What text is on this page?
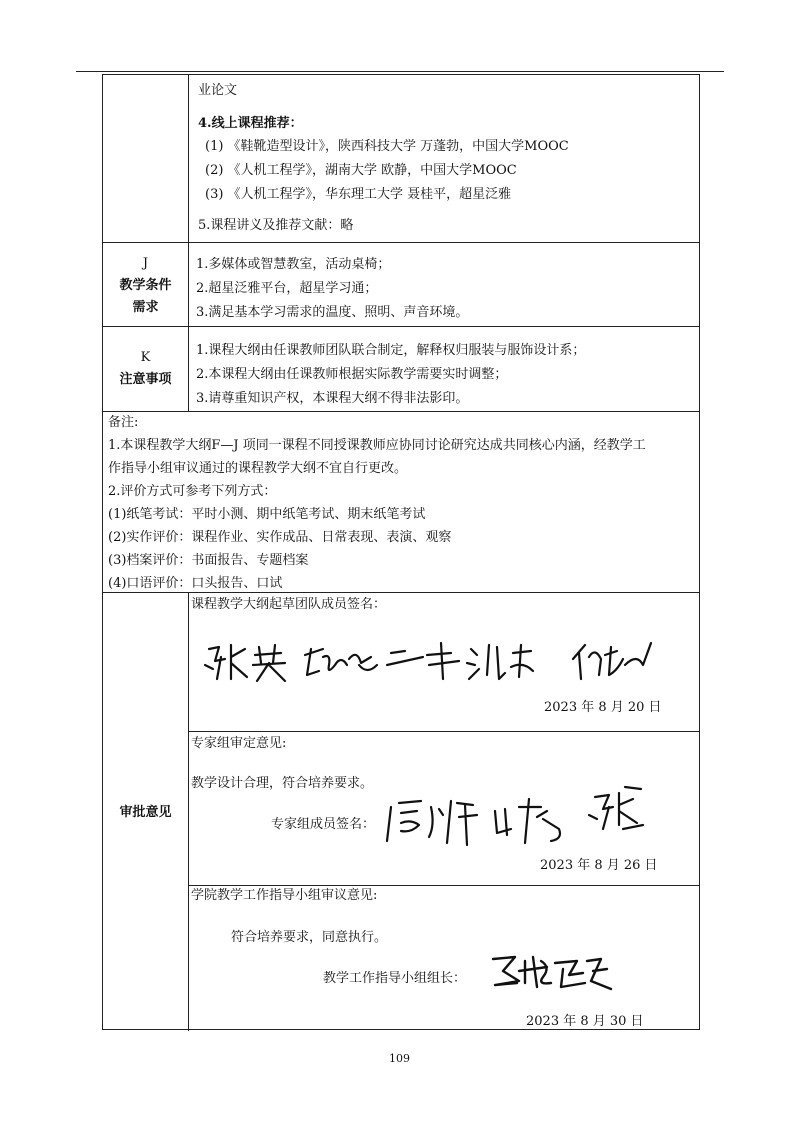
业论文
4.线上课程推荐：
(1) 《鞋靴造型设计》，陕西科技大学 万蓬勃，中国大学MOOC
(2) 《人机工程学》，湖南大学 欧静，中国大学MOOC
(3) 《人机工程学》，华东理工大学 聂桂平，超星泛雅
5.课程讲义及推荐文献：略
J
教学条件
需求
1.多媒体或智慧教室，活动桌椅；
2.超星泛雅平台，超星学习通；
3.满足基本学习需求的温度、照明、声音环境。
K
注意事项
1.课程大纲由任课教师团队联合制定，解释权归服装与服饰设计系；
2.本课程大纲由任课教师根据实际教学需要实时调整；
3.请尊重知识产权，本课程大纲不得非法影印。
备注:
1.本课程教学大纲F—J 项同一课程不同授课教师应协同讨论研究达成共同核心内涵，经教学工
作指导小组审议通过的课程教学大纲不宜自行更改。
2.评价方式可参考下列方式：
(1)纸笔考试：平时小测、期中纸笔考试、期末纸笔考试
(2)实作评价：课程作业、实作成品、日常表现、表演、观察
(3)档案评价：书面报告、专题档案
(4)口语评价：口头报告、口试
审批意见
课程教学大纲起草团队成员签名：
2023 年 8 月 20 日
专家组审定意见:
教学设计合理，符合培养要求。
专家组成员签名：
2023 年 8 月 26 日
学院教学工作指导小组审议意见:
符合培养要求，同意执行。
教学工作指导小组组长：
2023 年 8 月 30 日
109
